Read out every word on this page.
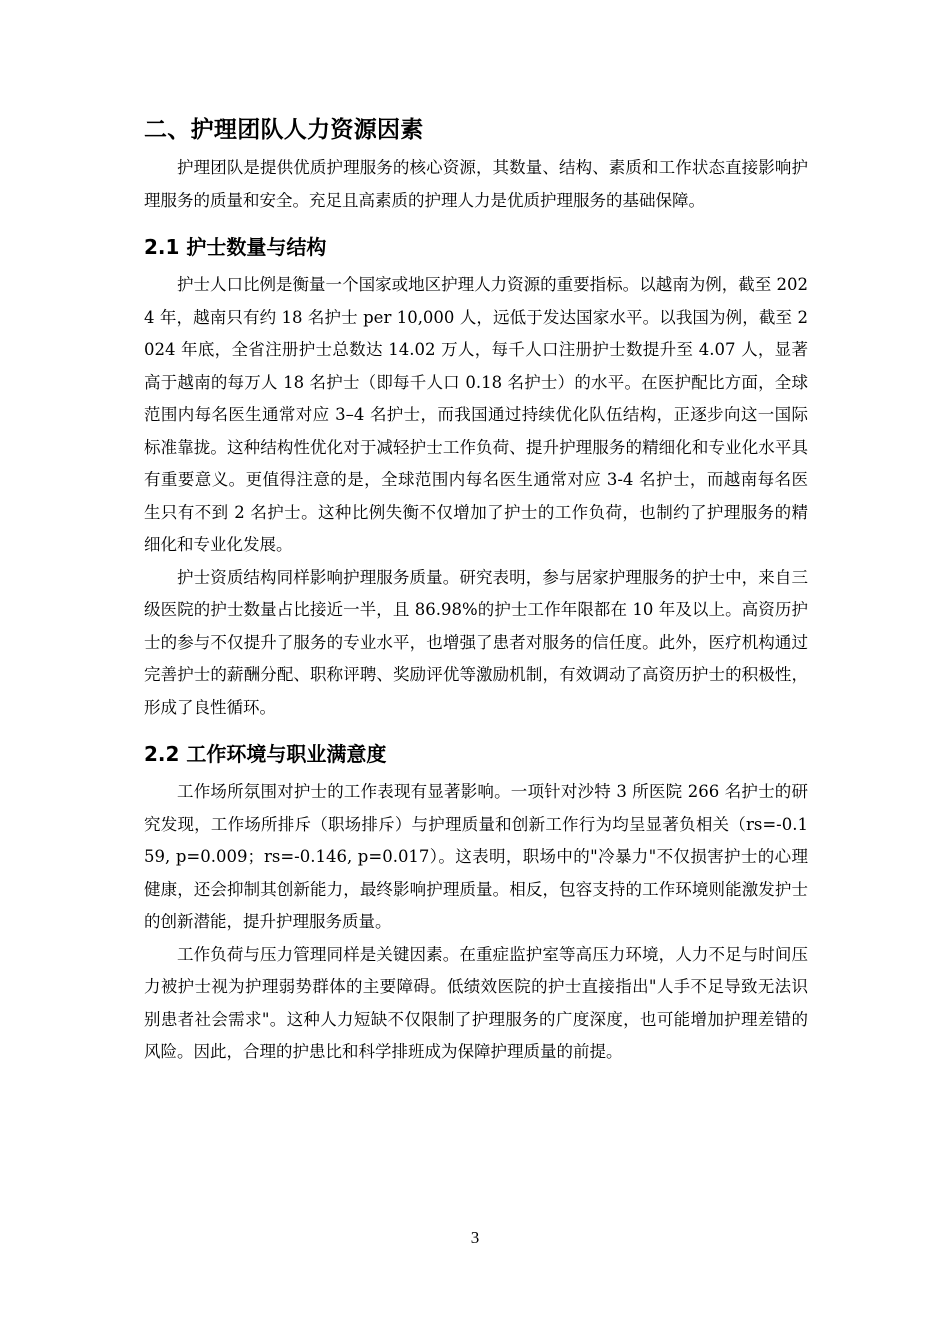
二、护理团队人力资源因素

护理团队是提供优质护理服务的核心资源，其数量、结构、素质和工作状态直接影响护理服务的质量和安全。充足且高素质的护理人力是优质护理服务的基础保障。

2.1 护士数量与结构

护士人口比例是衡量一个国家或地区护理人力资源的重要指标。以越南为例，截至 2024 年，越南只有约 18 名护士 per 10,000 人，远低于发达国家水平。以我国为例，截至 2024 年底，全省注册护士总数达 14.02 万人，每千人口注册护士数提升至 4.07 人，显著高于越南的每万人 18 名护士（即每千人口 0.18 名护士）的水平。在医护配比方面，全球范围内每名医生通常对应 3–4 名护士，而我国通过持续优化队伍结构，正逐步向这一国际标准靠拢。这种结构性优化对于减轻护士工作负荷、提升护理服务的精细化和专业化水平具有重要意义。更值得注意的是，全球范围内每名医生通常对应 3-4 名护士，而越南每名医生只有不到 2 名护士。这种比例失衡不仅增加了护士的工作负荷，也制约了护理服务的精细化和专业化发展。

护士资质结构同样影响护理服务质量。研究表明，参与居家护理服务的护士中，来自三级医院的护士数量占比接近一半，且 86.98%的护士工作年限都在 10 年及以上。高资历护士的参与不仅提升了服务的专业水平，也增强了患者对服务的信任度。此外，医疗机构通过完善护士的薪酬分配、职称评聘、奖励评优等激励机制，有效调动了高资历护士的积极性，形成了良性循环。

2.2 工作环境与职业满意度

工作场所氛围对护士的工作表现有显著影响。一项针对沙特 3 所医院 266 名护士的研究发现，工作场所排斥（职场排斥）与护理质量和创新工作行为均呈显著负相关（rs=-0.159, p=0.009；rs=-0.146, p=0.017）。这表明，职场中的"冷暴力"不仅损害护士的心理健康，还会抑制其创新能力，最终影响护理质量。相反，包容支持的工作环境则能激发护士的创新潜能，提升护理服务质量。

工作负荷与压力管理同样是关键因素。在重症监护室等高压力环境，人力不足与时间压力被护士视为护理弱势群体的主要障碍。低绩效医院的护士直接指出"人手不足导致无法识别患者社会需求"。这种人力短缺不仅限制了护理服务的广度深度，也可能增加护理差错的风险。因此，合理的护患比和科学排班成为保障护理质量的前提。

3
